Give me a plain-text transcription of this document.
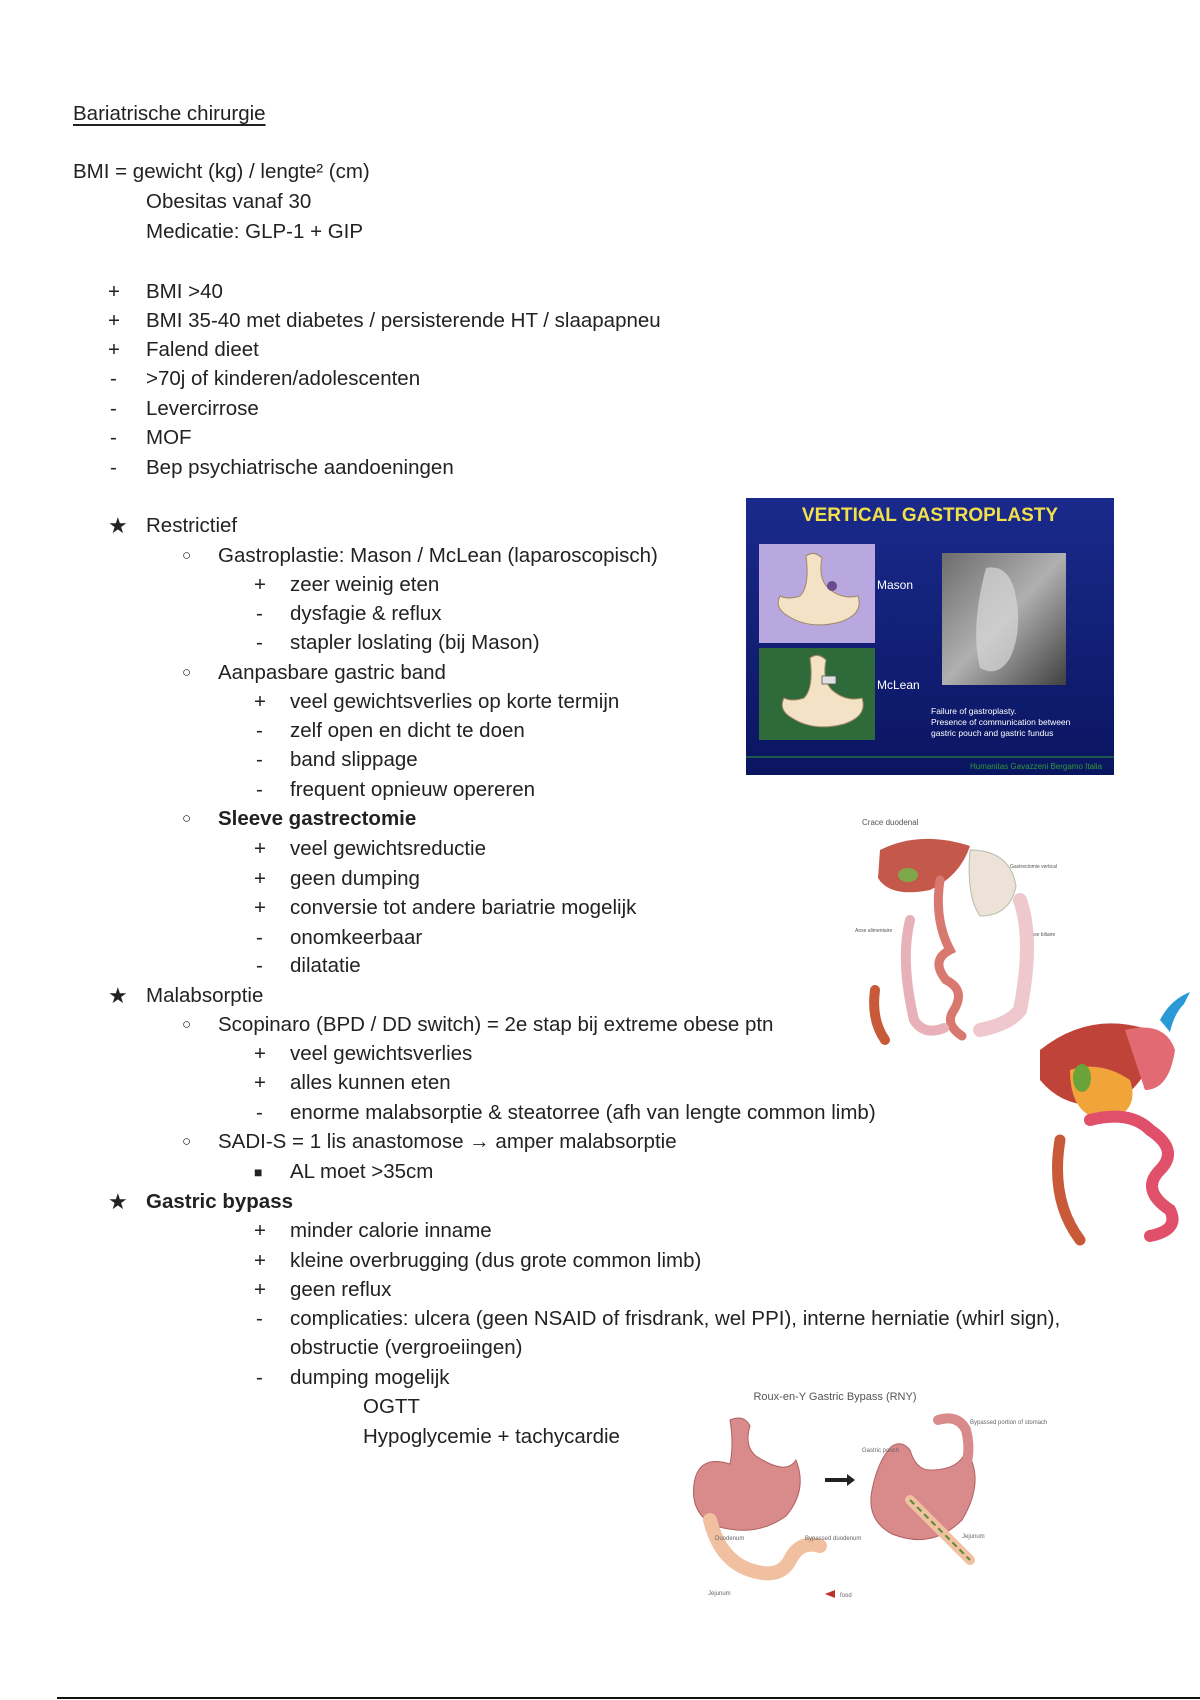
Bariatrische chirurgie
BMI = gewicht (kg) / lengte² (cm)
Obesitas vanaf 30
Medicatie: GLP-1 + GIP
+ BMI >40
+ BMI 35-40 met diabetes / persisterende HT / slaapapneu
+ Falend dieet
- >70j of kinderen/adolescenten
- Levercirrose
- MOF
- Bep psychiatrische aandoeningen
★ Restrictief
○ Gastroplastie: Mason / McLean (laparoscopisch)
+ zeer weinig eten
- dysfagie & reflux
- stapler loslating (bij Mason)
○ Aanpasbare gastric band
+ veel gewichtsverlies op korte termijn
- zelf open en dicht te doen
- band slippage
- frequent opnieuw opereren
○ Sleeve gastrectomie
+ veel gewichtsreductie
+ geen dumping
+ conversie tot andere bariatrie mogelijk
- onomkeerbaar
- dilatatie
★ Malabsorptie
○ Scopinaro (BPD / DD switch) = 2e stap bij extreme obese ptn
+ veel gewichtsverlies
+ alles kunnen eten
- enorme malabsorptie & steatorree (afh van lengte common limb)
○ SADI-S = 1 lis anastomose → amper malabsorptie
■ AL moet >35cm
★ Gastric bypass
+ minder calorie inname
+ kleine overbrugging (dus grote common limb)
+ geen reflux
- complicaties: ulcera (geen NSAID of frisdrank, wel PPI), interne herniatie (whirl sign),
obstructie (vergroeiingen)
- dumping mogelijk
OGTT
Hypoglycemie + tachycardie
VERTICAL GASTROPLASTY
Mason
McLean
Failure of gastroplasty.
Presence of communication between
gastric pouch and gastric fundus
Humanitas Gavazzeni Bergamo Italia
Crace duodenal
Gastrectomie vertical
Anse alimentaire
Anse biliaire
Roux-en-Y Gastric Bypass (RNY)
Gastric pouch
Bypassed portion of stomach
Duodenum	Bypassed duodenum
Jejunum
Jejunum
food
